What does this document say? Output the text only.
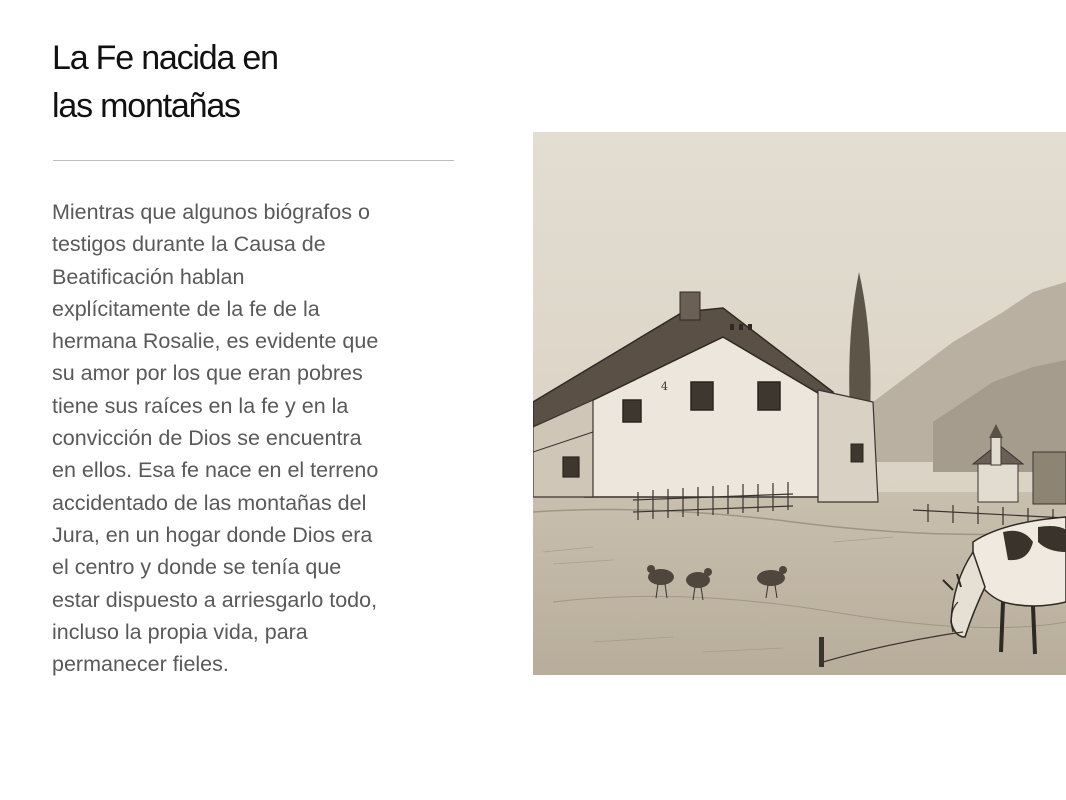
La Fe nacida en
las montañas

Mientras que algunos biógrafos o
testigos durante la Causa de
Beatificación hablan
explícitamente de la fe de la
hermana Rosalie, es evidente que
su amor por los que eran pobres
tiene sus raíces en la fe y en la
convicción de Dios se encuentra
en ellos. Esa fe nace en el terreno
accidentado de las montañas del
Jura, en un hogar donde Dios era
el centro y donde se tenía que
estar dispuesto a arriesgarlo todo,
incluso la propia vida, para
permanecer fieles.

4
